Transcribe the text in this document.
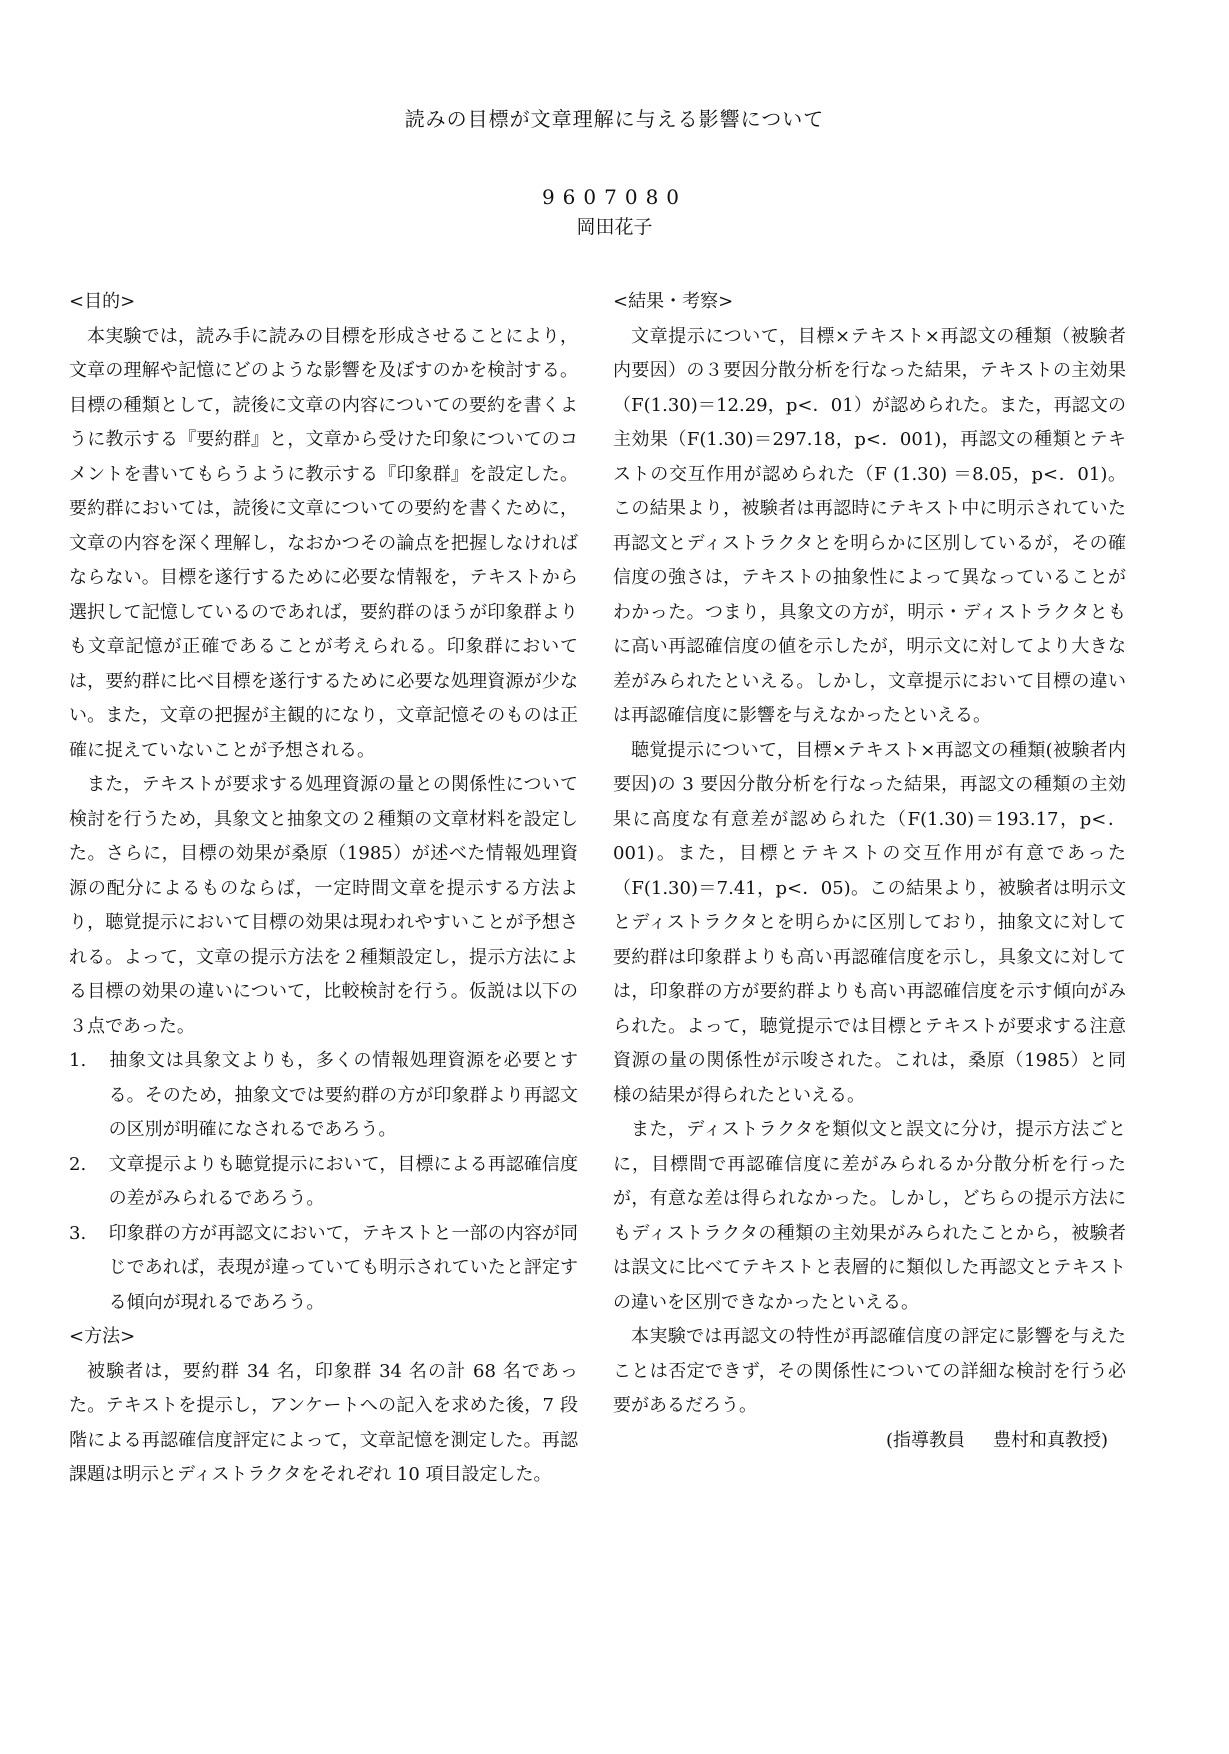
読みの目標が文章理解に与える影響について
9607080
岡田花子

<目的>

本実験では，読み手に読みの目標を形成させることにより，文章の理解や記憶にどのような影響を及ぼすのかを検討する。目標の種類として，読後に文章の内容についての要約を書くように教示する『要約群』と，文章から受けた印象についてのコメントを書いてもらうように教示する『印象群』を設定した。要約群においては，読後に文章についての要約を書くために，文章の内容を深く理解し，なおかつその論点を把握しなければならない。目標を遂行するために必要な情報を，テキストから選択して記憶しているのであれば，要約群のほうが印象群よりも文章記憶が正確であることが考えられる。印象群においては，要約群に比べ目標を遂行するために必要な処理資源が少ない。また，文章の把握が主観的になり，文章記憶そのものは正確に捉えていないことが予想される。

また，テキストが要求する処理資源の量との関係性について検討を行うため，具象文と抽象文の２種類の文章材料を設定した。さらに，目標の効果が桑原（1985）が述べた情報処理資源の配分によるものならば，一定時間文章を提示する方法より，聴覚提示において目標の効果は現われやすいことが予想される。よって，文章の提示方法を２種類設定し，提示方法による目標の効果の違いについて，比較検討を行う。仮説は以下の３点であった。

1. 抽象文は具象文よりも，多くの情報処理資源を必要とする。そのため，抽象文では要約群の方が印象群より再認文の区別が明確になされるであろう。

2. 文章提示よりも聴覚提示において，目標による再認確信度の差がみられるであろう。

3. 印象群の方が再認文において，テキストと一部の内容が同じであれば，表現が違っていても明示されていたと評定する傾向が現れるであろう。

<方法>

被験者は，要約群 34 名，印象群 34 名の計 68 名であった。テキストを提示し，アンケートへの記入を求めた後，7 段階による再認確信度評定によって，文章記憶を測定した。再認課題は明示とディストラクタをそれぞれ 10 項目設定した。

<結果・考察>

文章提示について，目標×テキスト×再認文の種類（被験者内要因）の３要因分散分析を行なった結果，テキストの主効果（F(1.30)＝12.29，p<．01）が認められた。また，再認文の主効果（F(1.30)＝297.18，p<．001)，再認文の種類とテキストの交互作用が認められた（F (1.30) ＝8.05，p<．01)。この結果より，被験者は再認時にテキスト中に明示されていた再認文とディストラクタとを明らかに区別しているが，その確信度の強さは，テキストの抽象性によって異なっていることがわかった。つまり，具象文の方が，明示・ディストラクタともに高い再認確信度の値を示したが，明示文に対してより大きな差がみられたといえる。しかし，文章提示において目標の違いは再認確信度に影響を与えなかったといえる。

聴覚提示について，目標×テキスト×再認文の種類(被験者内要因)の 3 要因分散分析を行なった結果，再認文の種類の主効果に高度な有意差が認められた（F(1.30)＝193.17，p<．001)。また，目標とテキストの交互作用が有意であった（F(1.30)＝7.41，p<．05)。この結果より，被験者は明示文とディストラクタとを明らかに区別しており，抽象文に対して要約群は印象群よりも高い再認確信度を示し，具象文に対しては，印象群の方が要約群よりも高い再認確信度を示す傾向がみられた。よって，聴覚提示では目標とテキストが要求する注意資源の量の関係性が示唆された。これは，桑原（1985）と同様の結果が得られたといえる。

また，ディストラクタを類似文と誤文に分け，提示方法ごとに，目標間で再認確信度に差がみられるか分散分析を行ったが，有意な差は得られなかった。しかし，どちらの提示方法にもディストラクタの種類の主効果がみられたことから，被験者は誤文に比べてテキストと表層的に類似した再認文とテキストの違いを区別できなかったといえる。

本実験では再認文の特性が再認確信度の評定に影響を与えたことは否定できず，その関係性についての詳細な検討を行う必要があるだろう。

(指導教員 豊村和真教授)
